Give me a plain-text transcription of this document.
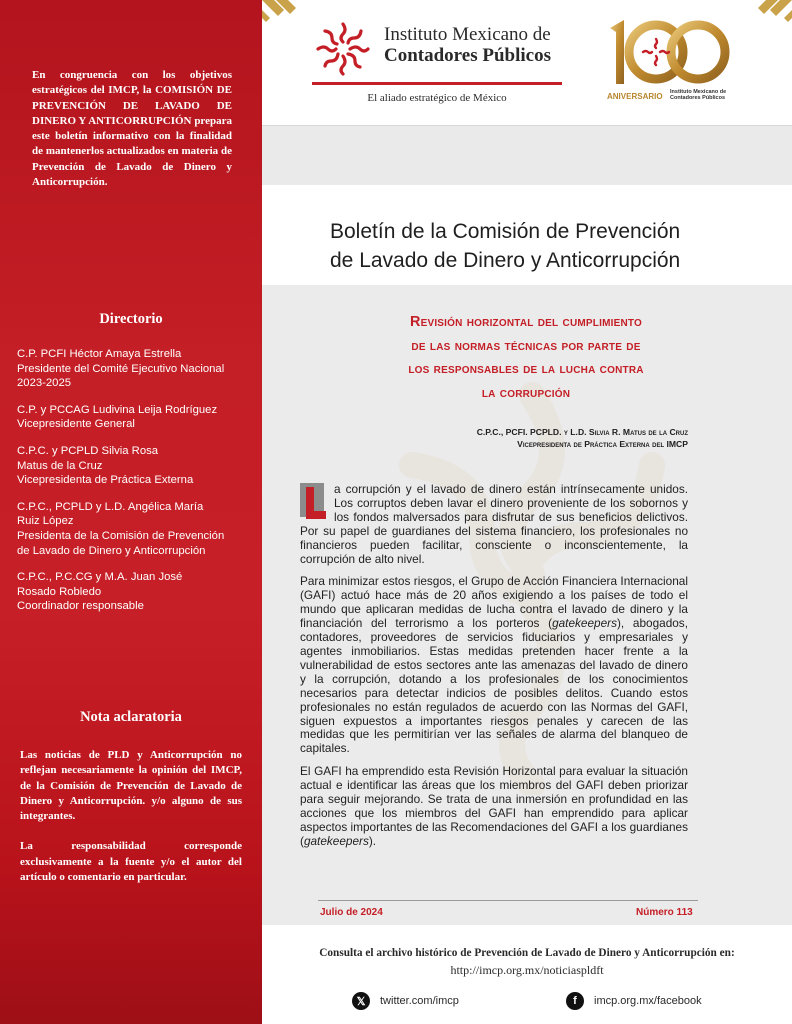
En congruencia con los objetivos estratégicos del IMCP, la COMISIÓN DE PREVENCIÓN DE LAVADO DE DINERO Y ANTICORRUPCIÓN prepara este boletín informativo con la finalidad de mantenerlos actualizados en materia de Prevención de Lavado de Dinero y Anticorrupción.
Directorio
C.P. PCFI Héctor Amaya Estrella
Presidente del Comité Ejecutivo Nacional
2023-2025
C.P. y PCCAG Ludivina Leija Rodríguez
Vicepresidente General
C.P.C. y PCPLD Silvia Rosa
Matus de la Cruz
Vicepresidenta de Práctica Externa
C.P.C., PCPLD y L.D. Angélica María
Ruiz López
Presidenta de la Comisión de Prevención
de Lavado de Dinero y Anticorrupción
C.P.C., P.C.CG y M.A. Juan José
Rosado Robledo
Coordinador responsable
Nota aclaratoria

Las noticias de PLD y Anticorrupción no reflejan necesariamente la opinión del IMCP, de la Comisión de Prevención de Lavado de Dinero y Anticorrupción. y/o alguno de sus integrantes.

La responsabilidad corresponde exclusivamente a la fuente y/o el autor del artículo o comentario en particular.

Instituto Mexicano de
Contadores Públicos
El aliado estratégico de México	ANIVERSARIO Instituto Mexicano de
Contadores Públicos
Boletín de la Comisión de Prevención
de Lavado de Dinero y Anticorrupción
Revisión horizontal del cumplimiento
de las normas técnicas por parte de
los responsables de la lucha contra
la corrupción
C.P.C., PCFI. PCPLD. y L.D. Silvia R. Matus de la Cruz
Vicepresidenta de Práctica Externa del IMCP

a corrupción y el lavado de dinero están intrínsecamente unidos. Los corruptos deben lavar el dinero proveniente de los sobornos y los fondos malversados para disfrutar de sus beneficios delictivos. Por su papel de guardianes del sistema financiero, los profesionales no financieros pueden facilitar, consciente o inconscientemente, la corrupción de alto nivel.

Para minimizar estos riesgos, el Grupo de Acción Financiera Internacional (GAFI) actuó hace más de 20 años exigiendo a los países de todo el mundo que aplicaran medidas de lucha contra el lavado de dinero y la financiación del terrorismo a los porteros (gatekeepers), abogados, contadores, proveedores de servicios fiduciarios y empresariales y agentes inmobiliarios. Estas medidas pretenden hacer frente a la vulnerabilidad de estos sectores ante las amenazas del lavado de dinero y la corrupción, dotando a los profesionales de los conocimientos necesarios para detectar indicios de posibles delitos. Cuando estos profesionales no están regulados de acuerdo con las Normas del GAFI, siguen expuestos a importantes riesgos penales y carecen de las medidas que les permitirían ver las señales de alarma del blanqueo de capitales.

El GAFI ha emprendido esta Revisión Horizontal para evaluar la situación actual e identificar las áreas que los miembros del GAFI deben priorizar para seguir mejorando. Se trata de una inmersión en profundidad en las acciones que los miembros del GAFI han emprendido para aplicar aspectos importantes de las Recomendaciones del GAFI a los guardianes (gatekeepers).

Julio de 2024	Número 113
Consulta el archivo histórico de Prevención de Lavado de Dinero y Anticorrupción en:
http://imcp.org.mx/noticiaspldft
𝕏	twitter.com/imcp	f	imcp.org.mx/facebook
